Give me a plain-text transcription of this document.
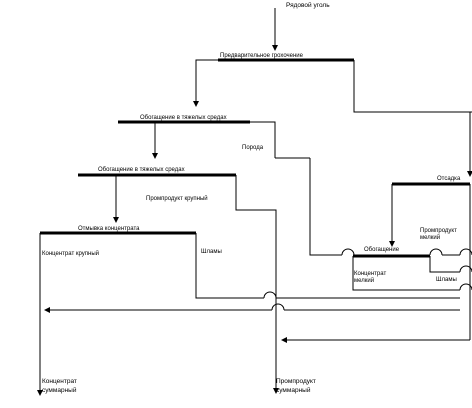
Рядовой уголь
Предварительное грохочение
Обогащение в тяжелых средах
Порода
Обогащение в тяжелых средах
Промпродукт крупный
Отмывка концентрата
Концентрат крупный	Шламы
Отсадка
Промпродукт мелкий
Обогащение
Концентрат мелкий	Шламы
Концентрат
суммарный
Промпродукт
суммарный
